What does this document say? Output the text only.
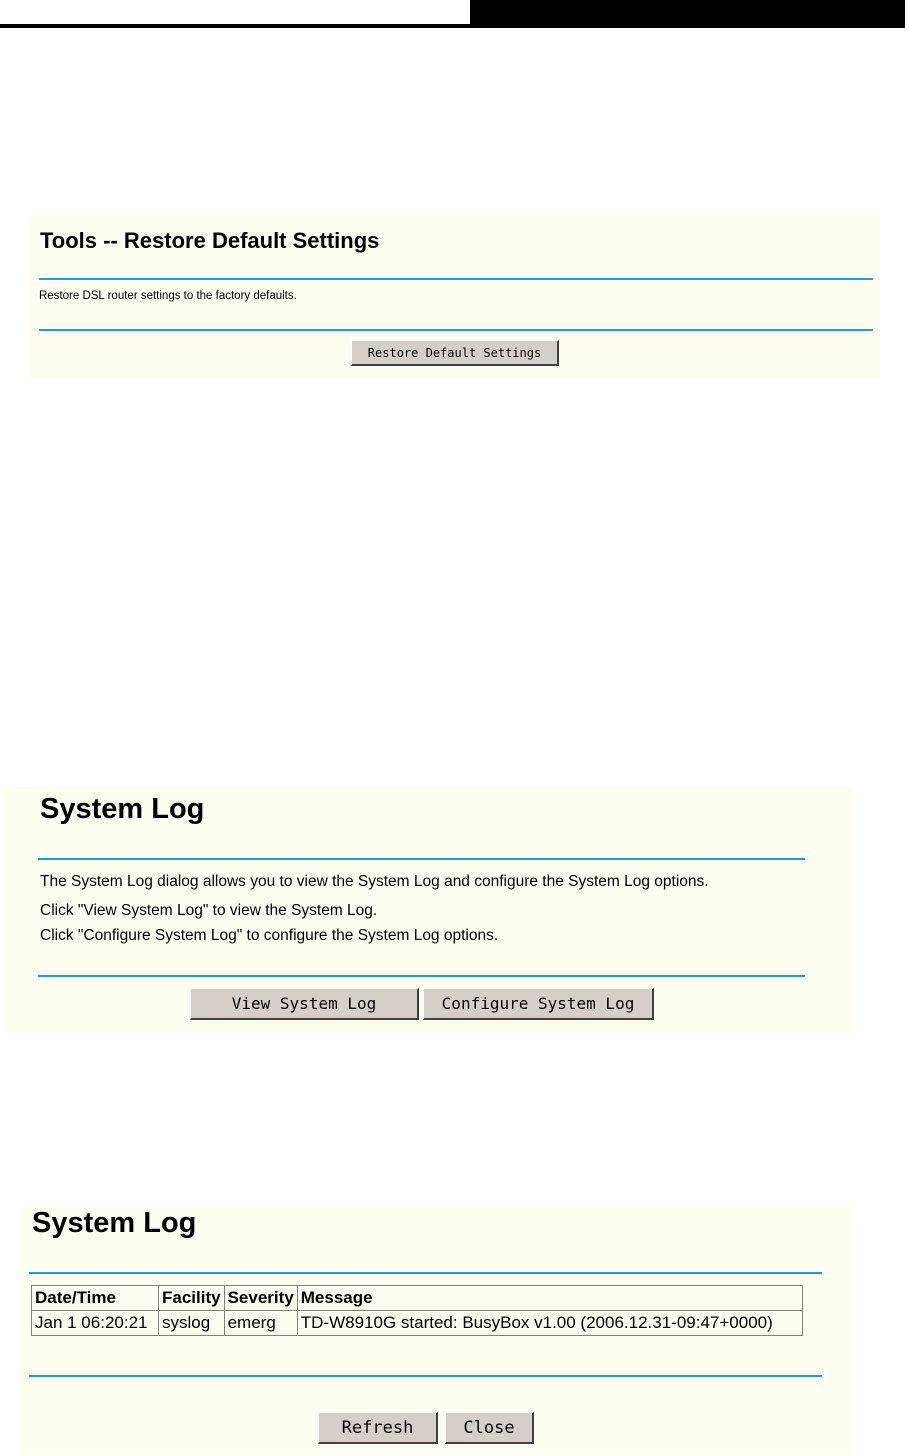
Tools -- Restore Default Settings
Restore DSL router settings to the factory defaults.
Restore Default Settings
System Log
The System Log dialog allows you to view the System Log and configure the System Log options.
Click "View System Log" to view the System Log.
Click "Configure System Log" to configure the System Log options.
View System Log	Configure System Log
System Log
Date/Time	Facility	Severity	Message
Jan 1 06:20:21	syslog	emerg	TD-W8910G started: BusyBox v1.00 (2006.12.31-09:47+0000)
Refresh	Close
